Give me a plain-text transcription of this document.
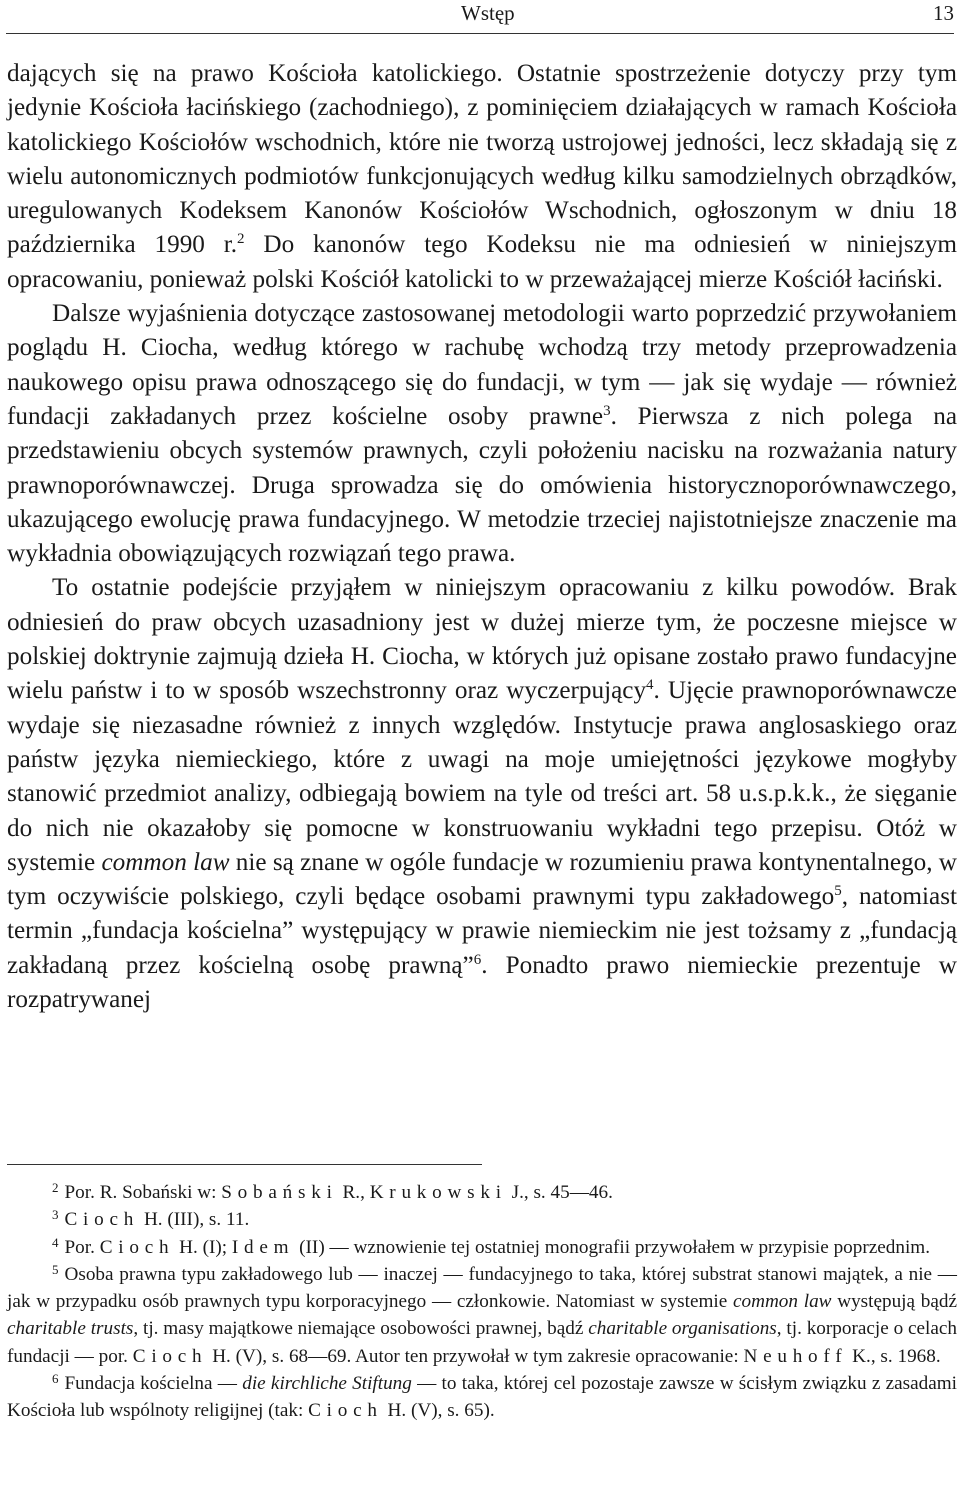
Wstęp	13

dających się na prawo Kościoła katolickiego. Ostatnie spostrzeżenie dotyczy przy tym jedynie Kościoła łacińskiego (zachodniego), z pominięciem działających w ramach Kościoła katolickiego Kościołów wschodnich, które nie tworzą ustrojowej jedności, lecz składają się z wielu autonomicznych podmiotów funkcjonujących według kilku samodzielnych obrządków, uregulowanych Kodeksem Kanonów Kościołów Wschodnich, ogłoszonym w dniu 18 października 1990 r.$^2$ Do kanonów tego Kodeksu nie ma odniesień w niniejszym opracowaniu, ponieważ polski Kościół katolicki to w przeważającej mierze Kościół łaciński.

Dalsze wyjaśnienia dotyczące zastosowanej metodologii warto poprzedzić przywołaniem poglądu H. Ciocha, według którego w rachubę wchodzą trzy metody przeprowadzenia naukowego opisu prawa odnoszącego się do fundacji, w tym — jak się wydaje — również fundacji zakładanych przez kościelne osoby prawne$^3$. Pierwsza z nich polega na przedstawieniu obcych systemów prawnych, czyli położeniu nacisku na rozważania natury prawnoporównawczej. Druga sprowadza się do omówienia historycznoporównawczego, ukazującego ewolucję prawa fundacyjnego. W metodzie trzeciej najistotniejsze znaczenie ma wykładnia obowiązujących rozwiązań tego prawa.

To ostatnie podejście przyjąłem w niniejszym opracowaniu z kilku powodów. Brak odniesień do praw obcych uzasadniony jest w dużej mierze tym, że poczesne miejsce w polskiej doktrynie zajmują dzieła H. Ciocha, w których już opisane zostało prawo fundacyjne wielu państw i to w sposób wszechstronny oraz wyczerpujący$^4$. Ujęcie prawnoporównawcze wydaje się niezasadne również z innych względów. Instytucje prawa anglosaskiego oraz państw języka niemieckiego, które z uwagi na moje umiejętności językowe mogłyby stanowić przedmiot analizy, odbiegają bowiem na tyle od treści art. 58 u.s.p.k.k., że sięganie do nich nie okazałoby się pomocne w konstruowaniu wykładni tego przepisu. Otóż w systemie common law nie są znane w ogóle fundacje w rozumieniu prawa kontynentalnego, w tym oczywiście polskiego, czyli będące osobami prawnymi typu zakładowego$^5$, natomiast termin „fundacja kościelna” występujący w prawie niemieckim nie jest tożsamy z „fundacją zakładaną przez kościelną osobę prawną”$^6$. Ponadto prawo niemieckie prezentuje w rozpatrywanej

$^2$ Por. R. Sobański w: Sobański R., Krukowski J., s. 45—46.

$^3$ Cioch H. (III), s. 11.

$^4$ Por. Cioch H. (I); Idem (II) — wznowienie tej ostatniej monografii przywołałem w przypisie poprzednim.

$^5$ Osoba prawna typu zakładowego lub — inaczej — fundacyjnego to taka, której substrat stanowi majątek, a nie — jak w przypadku osób prawnych typu korporacyjnego — członkowie. Natomiast w systemie common law występują bądź charitable trusts, tj. masy majątkowe niemające osobowości prawnej, bądź charitable organisations, tj. korporacje o celach fundacji — por. Cioch H. (V), s. 68—69. Autor ten przywołał w tym zakresie opracowanie: Neuhoff K., s. 1968.

$^6$ Fundacja kościelna — die kirchliche Stiftung — to taka, której cel pozostaje zawsze w ścisłym związku z zasadami Kościoła lub wspólnoty religijnej (tak: Cioch H. (V), s. 65).
